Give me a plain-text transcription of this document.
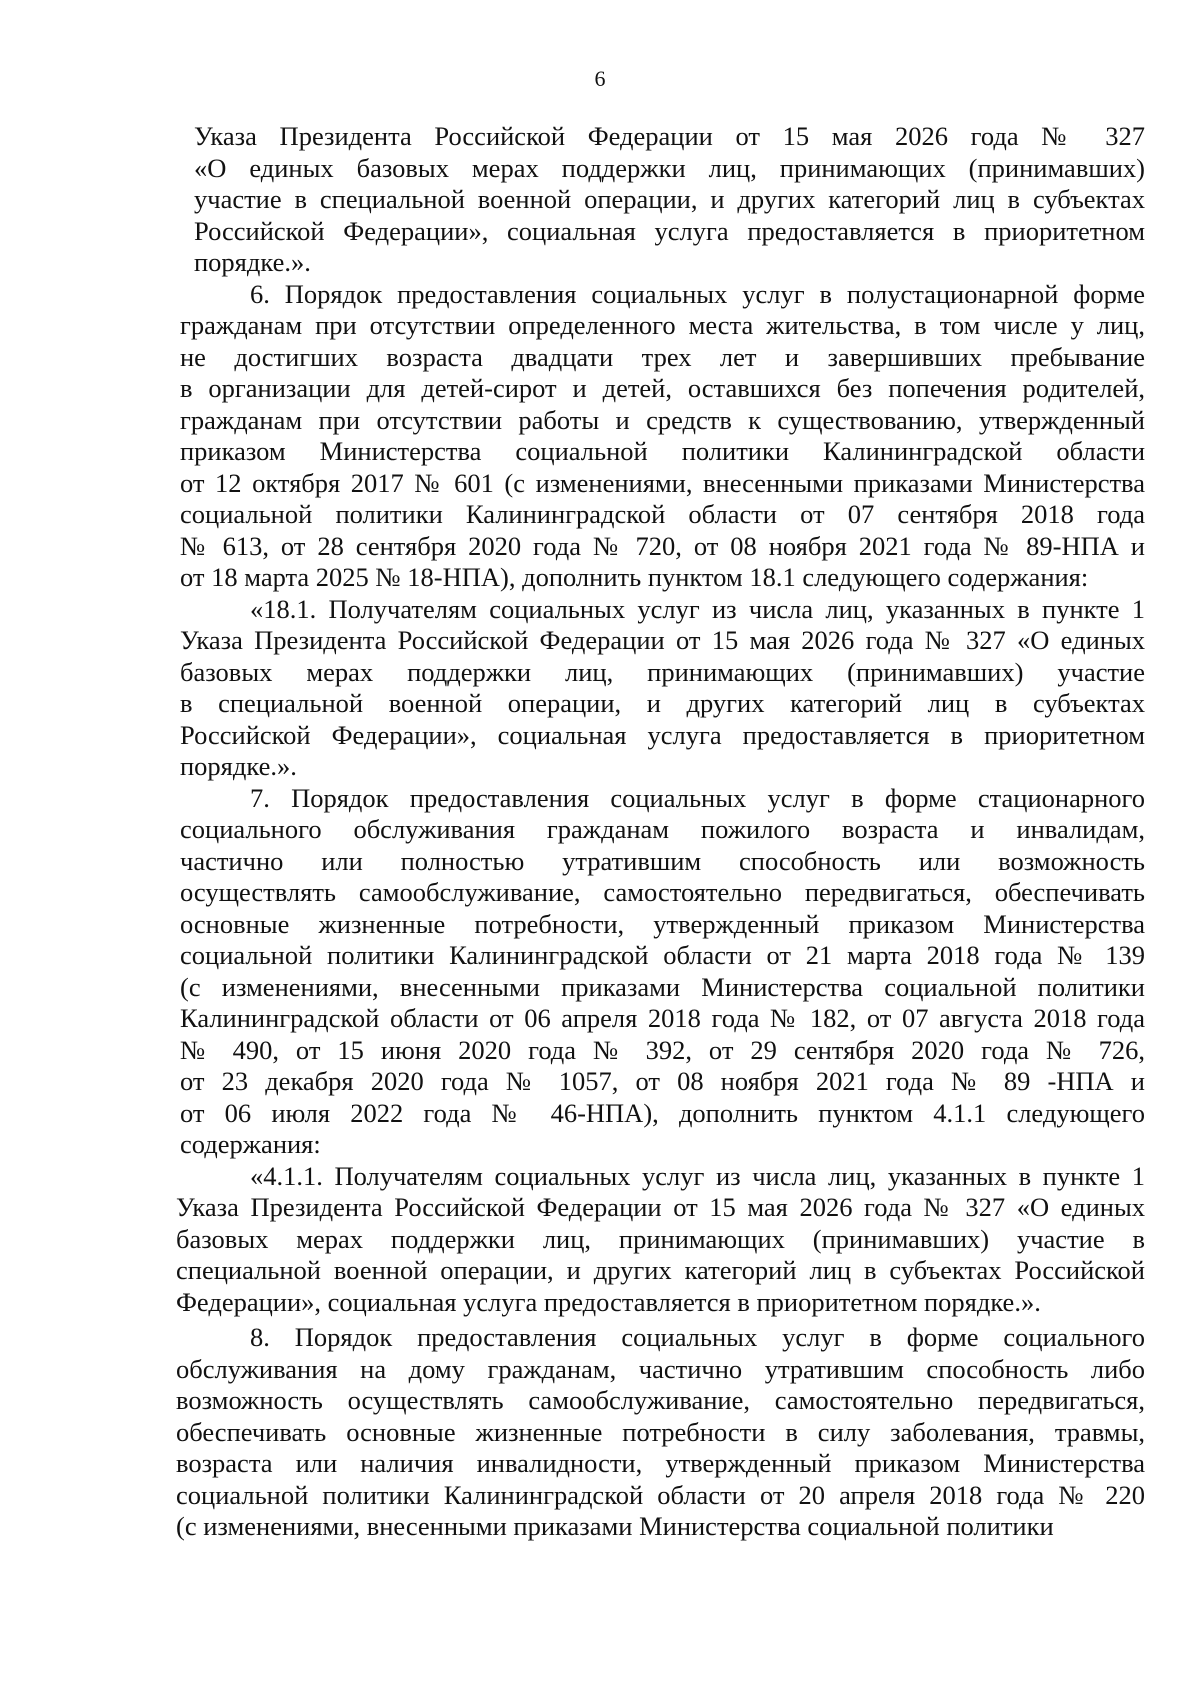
6
Указа Президента Российской Федерации от 15 мая 2026 года № 327
«О единых базовых мерах поддержки лиц, принимающих (принимавших)
участие в специальной военной операции, и других категорий лиц в субъектах
Российской Федерации», социальная услуга предоставляется в приоритетном
порядке.».
6. Порядок предоставления социальных услуг в полустационарной форме
гражданам при отсутствии определенного места жительства, в том числе у лиц,
не достигших возраста двадцати трех лет и завершивших пребывание
в организации для детей-сирот и детей, оставшихся без попечения родителей,
гражданам при отсутствии работы и средств к существованию, утвержденный
приказом Министерства социальной политики Калининградской области
от 12 октября 2017 № 601 (с изменениями, внесенными приказами Министерства
социальной политики Калининградской области от 07 сентября 2018 года
№ 613, от 28 сентября 2020 года № 720, от 08 ноября 2021 года № 89-НПА и
от 18 марта 2025 № 18-НПА), дополнить пунктом 18.1 следующего содержания:
«18.1. Получателям социальных услуг из числа лиц, указанных в пункте 1
Указа Президента Российской Федерации от 15 мая 2026 года № 327 «О единых
базовых мерах поддержки лиц, принимающих (принимавших) участие
в специальной военной операции, и других категорий лиц в субъектах
Российской Федерации», социальная услуга предоставляется в приоритетном
порядке.».
7. Порядок предоставления социальных услуг в форме стационарного
социального обслуживания гражданам пожилого возраста и инвалидам,
частично или полностью утратившим способность или возможность
осуществлять самообслуживание, самостоятельно передвигаться, обеспечивать
основные жизненные потребности, утвержденный приказом Министерства
социальной политики Калининградской области от 21 марта 2018 года № 139
(с изменениями, внесенными приказами Министерства социальной политики
Калининградской области от 06 апреля 2018 года № 182, от 07 августа 2018 года
№ 490, от 15 июня 2020 года № 392, от 29 сентября 2020 года № 726,
от 23 декабря 2020 года № 1057, от 08 ноября 2021 года № 89 -НПА и
от 06 июля 2022 года № 46-НПА), дополнить пунктом 4.1.1 следующего
содержания:
«4.1.1. Получателям социальных услуг из числа лиц, указанных в пункте 1
Указа Президента Российской Федерации от 15 мая 2026 года № 327 «О единых
базовых мерах поддержки лиц, принимающих (принимавших) участие в
специальной военной операции, и других категорий лиц в субъектах Российской
Федерации», социальная услуга предоставляется в приоритетном порядке.».
8. Порядок предоставления социальных услуг в форме социального
обслуживания на дому гражданам, частично утратившим способность либо
возможность осуществлять самообслуживание, самостоятельно передвигаться,
обеспечивать основные жизненные потребности в силу заболевания, травмы,
возраста или наличия инвалидности, утвержденный приказом Министерства
социальной политики Калининградской области от 20 апреля 2018 года № 220
(с изменениями, внесенными приказами Министерства социальной политики
